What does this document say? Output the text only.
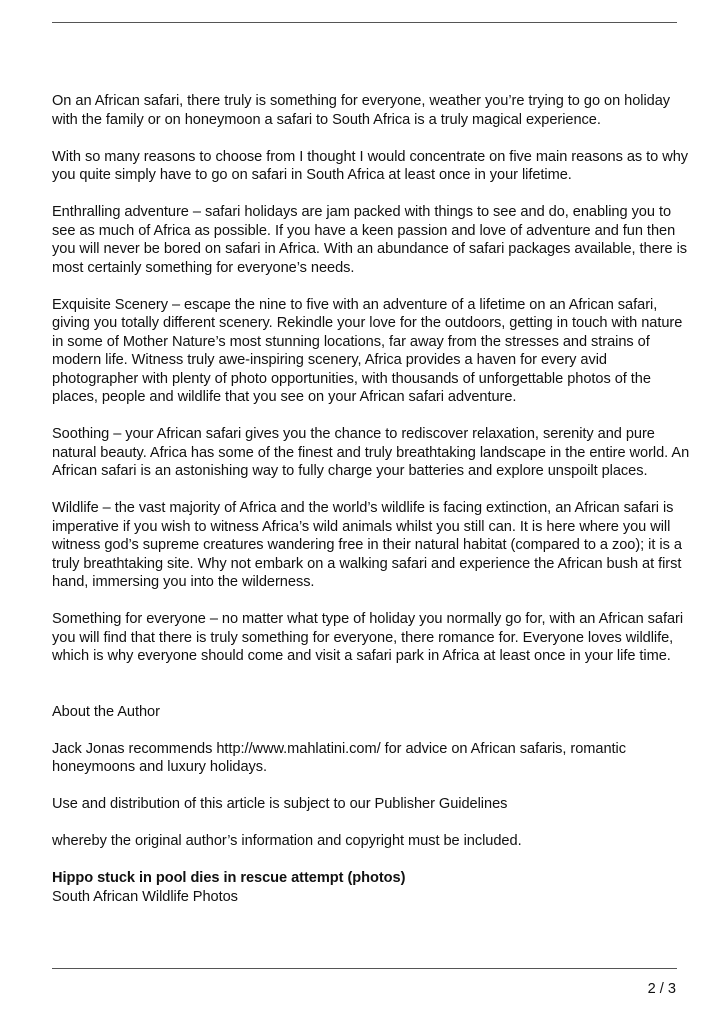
On an African safari, there truly is something for everyone, weather you’re trying to go on holiday with the family or on honeymoon a safari to South Africa is a truly magical experience.

With so many reasons to choose from I thought I would concentrate on five main reasons as to why you quite simply have to go on safari in South Africa at least once in your lifetime.

Enthralling adventure – safari holidays are jam packed with things to see and do, enabling you to see as much of Africa as possible. If you have a keen passion and love of adventure and fun then you will never be bored on safari in Africa. With an abundance of safari packages available, there is most certainly something for everyone’s needs.

Exquisite Scenery – escape the nine to five with an adventure of a lifetime on an African safari, giving you totally different scenery. Rekindle your love for the outdoors, getting in touch with nature in some of Mother Nature’s most stunning locations, far away from the stresses and strains of modern life. Witness truly awe-inspiring scenery, Africa provides a haven for every avid photographer with plenty of photo opportunities, with thousands of unforgettable photos of the places, people and wildlife that you see on your African safari adventure.

Soothing – your African safari gives you the chance to rediscover relaxation, serenity and pure natural beauty. Africa has some of the finest and truly breathtaking landscape in the entire world. An African safari is an astonishing way to fully charge your batteries and explore unspoilt places.

Wildlife – the vast majority of Africa and the world’s wildlife is facing extinction, an African safari is imperative if you wish to witness Africa’s wild animals whilst you still can. It is here where you will witness god’s supreme creatures wandering free in their natural habitat (compared to a zoo); it is a truly breathtaking site. Why not embark on a walking safari and experience the African bush at first hand, immersing you into the wilderness.

Something for everyone – no matter what type of holiday you normally go for, with an African safari you will find that there is truly something for everyone, there romance for. Everyone loves wildlife, which is why everyone should come and visit a safari park in Africa at least once in your life time.

About the Author

Jack Jonas recommends http://www.mahlatini.com/ for advice on African safaris, romantic honeymoons and luxury holidays.

Use and distribution of this article is subject to our Publisher Guidelines

whereby the original author’s information and copyright must be included.

Hippo stuck in pool dies in rescue attempt (photos)

South African Wildlife Photos

2 / 3
